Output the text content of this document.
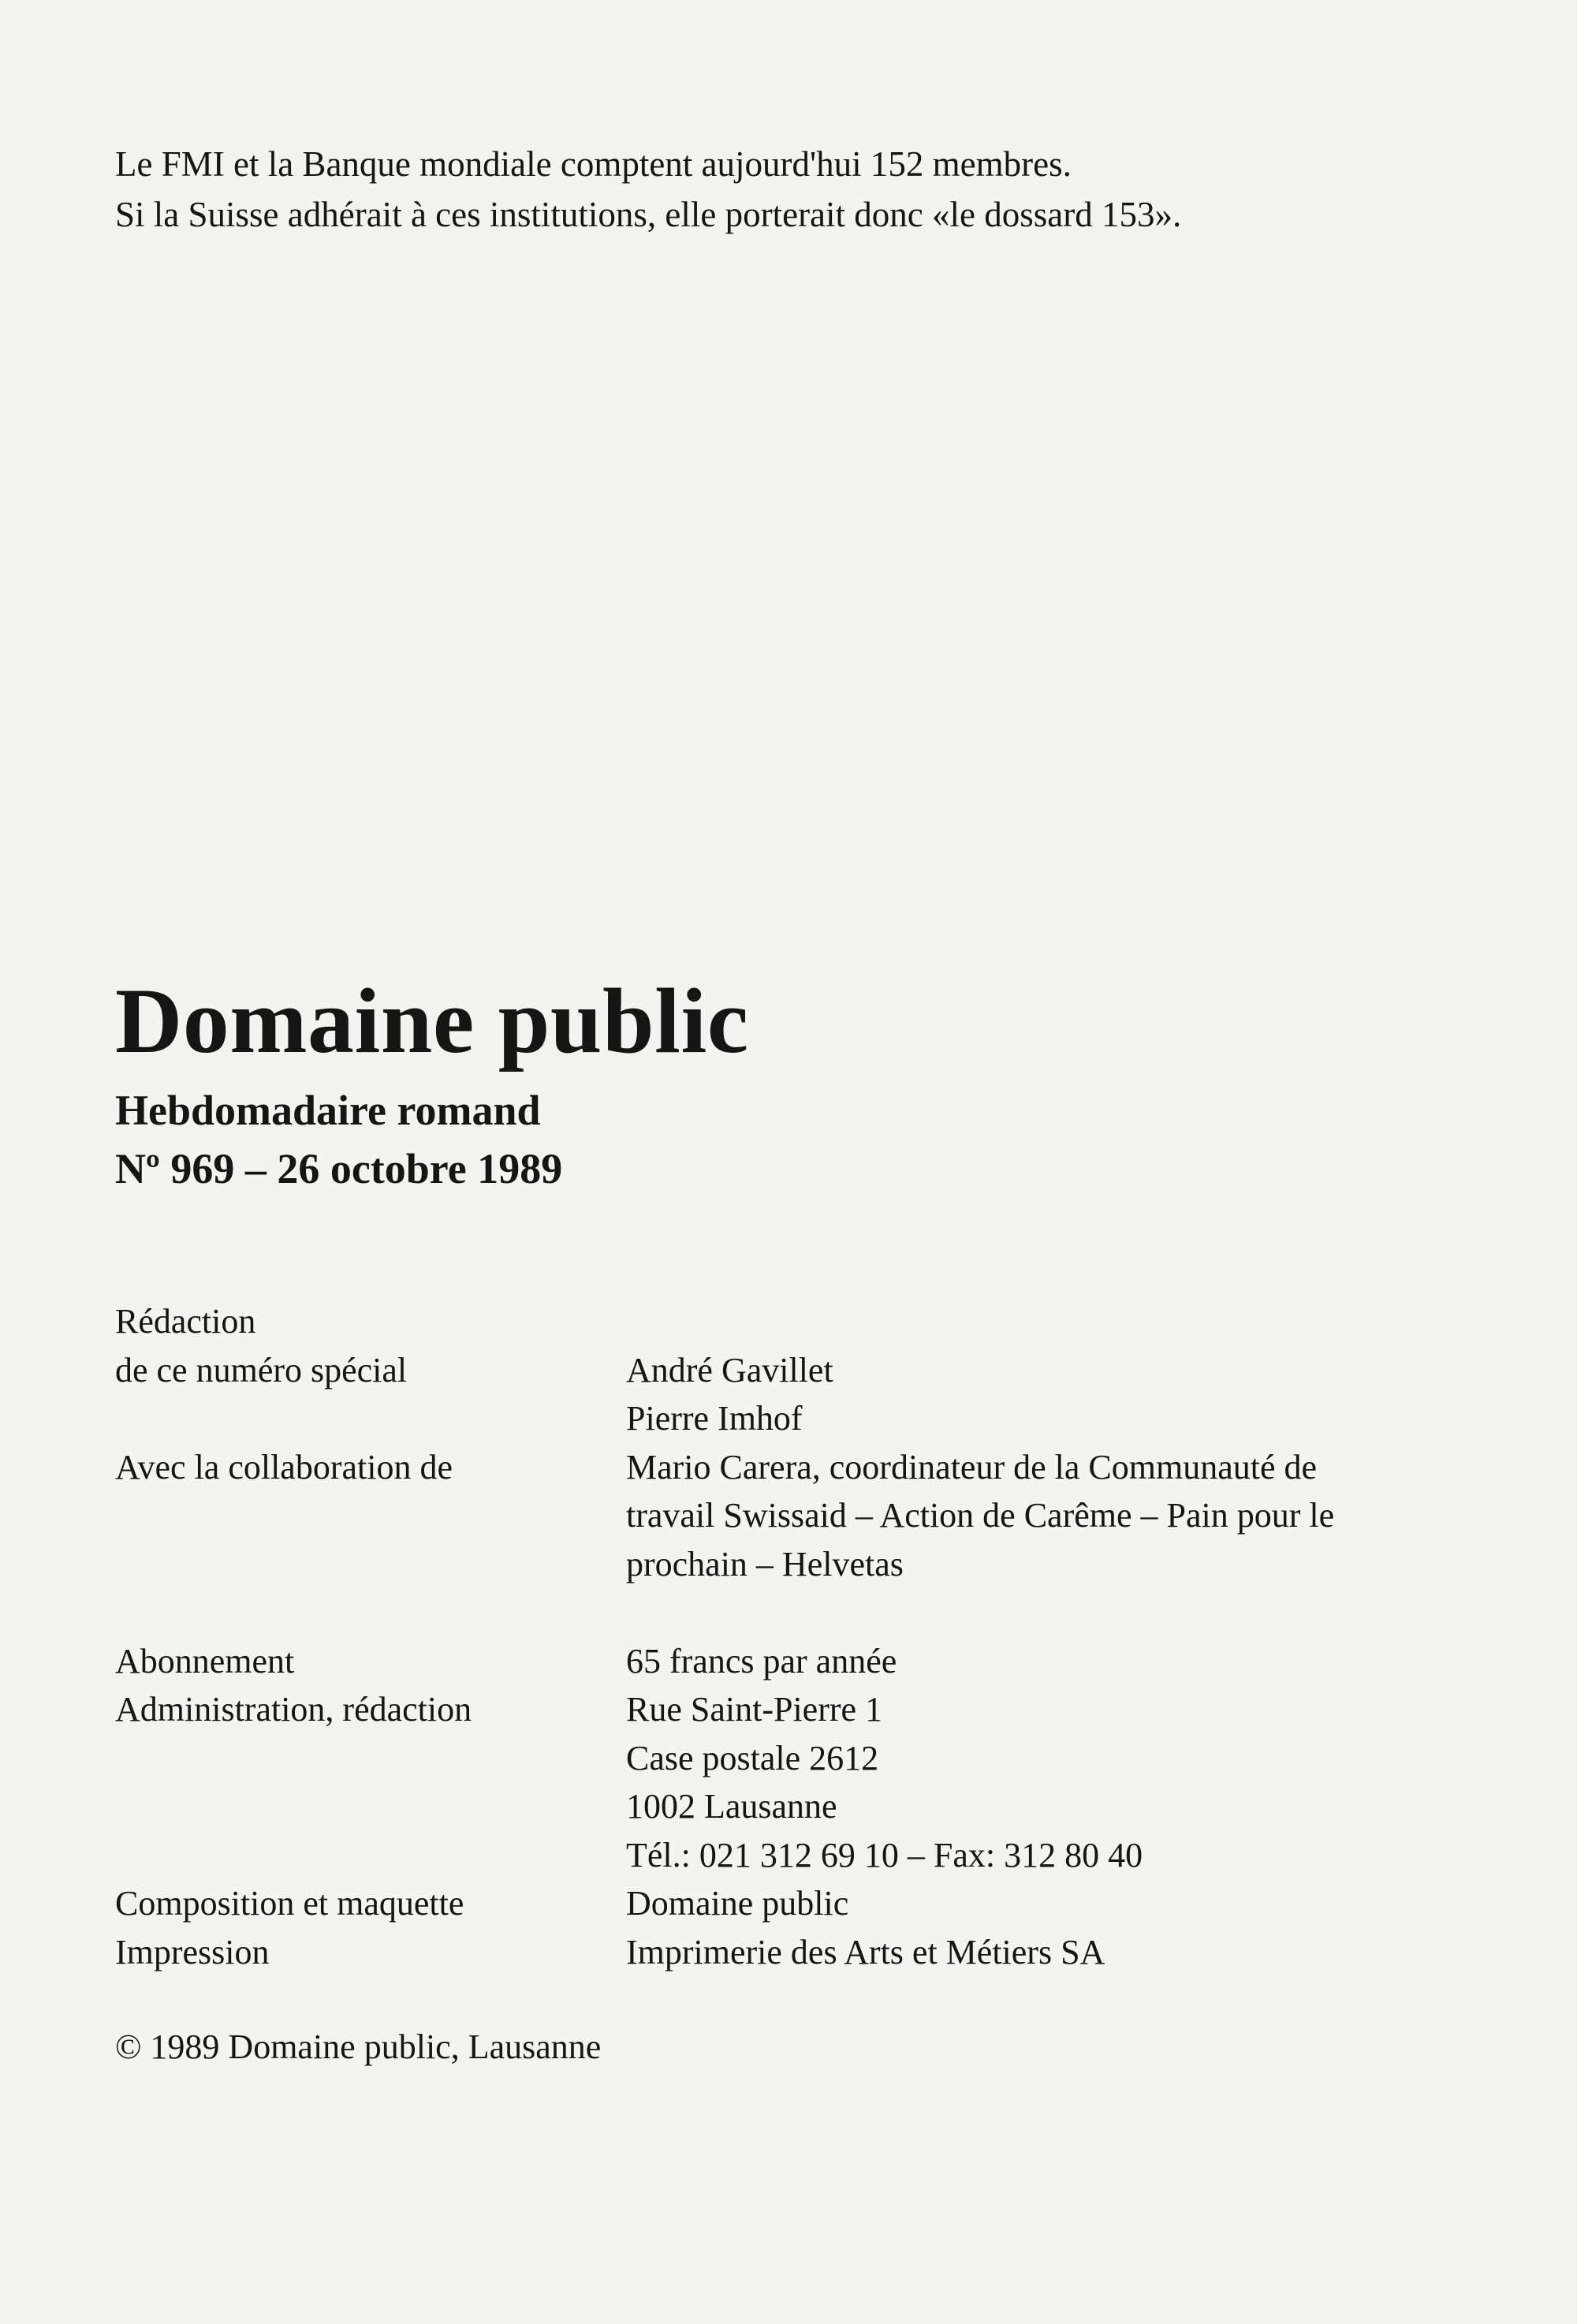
Le FMI et la Banque mondiale comptent aujourd'hui 152 membres.

Si la Suisse adhérait à ces institutions, elle porterait donc «le dossard 153».

Domaine public

Hebdomadaire romand

Nº 969 – 26 octobre 1989

Rédaction
de ce numéro spécial
	André Gavillet
Pierre Imhof
Avec la collaboration de	Mario Carera, coordinateur de la Communauté de
travail Swissaid – Action de Carême – Pain pour le
prochain – Helvetas
Abonnement	65 francs par année
Administration, rédaction	Rue Saint-Pierre 1
Case postale 2612
1002 Lausanne
Tél.: 021 312 69 10 – Fax: 312 80 40
Composition et maquette	Domaine public
Impression	Imprimerie des Arts et Métiers SA
© 1989 Domaine public, Lausanne
